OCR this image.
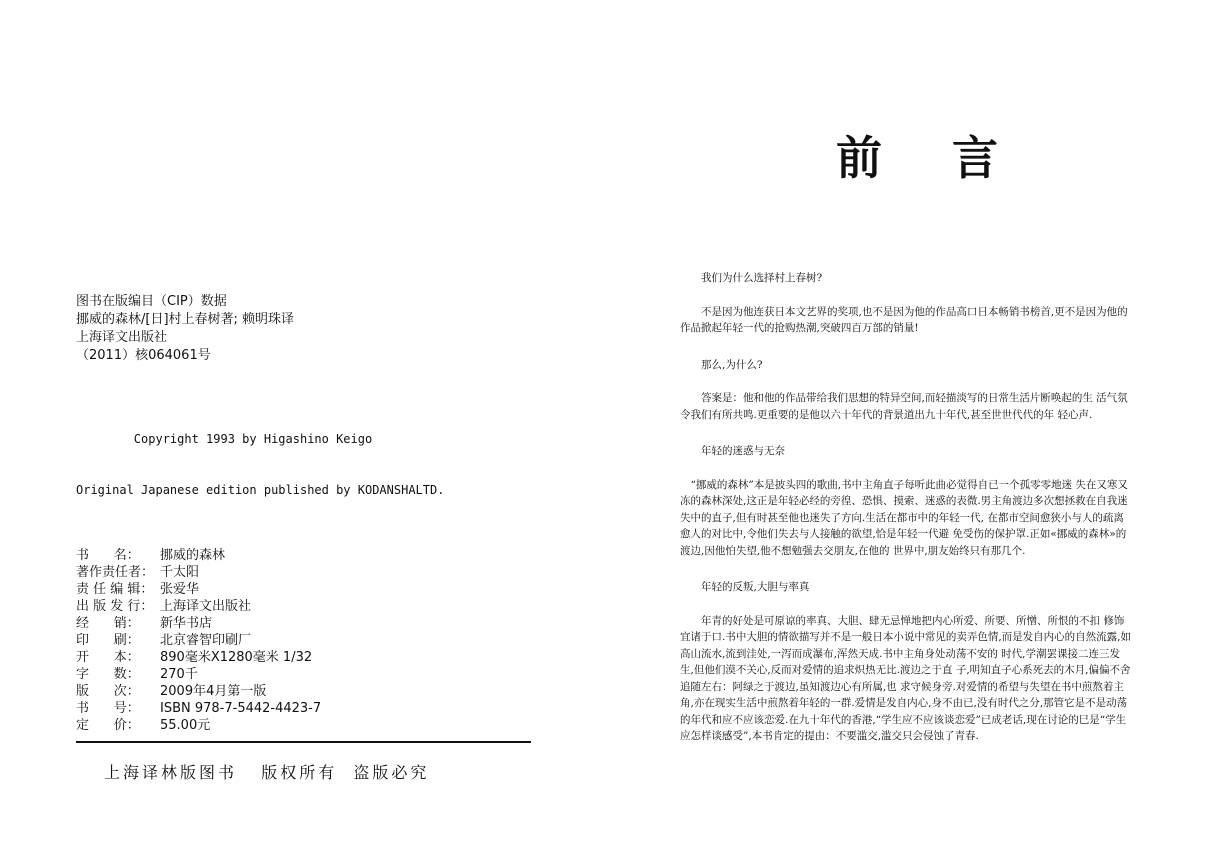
图书在版编目（CIP）数据
挪威的森林/[日]村上春树著; 赖明珠译
上海译文出版社
（2011）核064061号

Copyright 1993 by Higashino Keigo

Original Japanese edition published by KODANSHALTD.

书      名：	挪威的森林
著作责任者： 千太阳
责 任 编 辑： 张爱华
出 版 发 行： 上海译文出版社
经      销：	新华书店
印      刷：	北京睿智印刷厂
开      本：	890毫米X1280毫米 1/32
字      数：	270千
版      次：	2009年4月第一版
书      号：	ISBN 978-7-5442-4423-7
定      价：	55.00元
上海译林版图书   版权所有  盗版必究
前 言

我们为什么选择村上春树?

不是因为他连获日本文艺界的奖项,也不是因为他的作品高口日本畅销书榜首,更不是因为他的作品掀起年轻一代的抢购热潮,突破四百万部的销量!

那么,为什么?

答案是：他和他的作品带给我们思想的特异空间,而轻描淡写的日常生活片断唤起的生 活气氛令我们有所共鸣.更重要的是他以六十年代的背景道出九十年代,甚至世世代代的年 轻心声.

年轻的迷惑与无奈

“挪威的森林”本是披头四的歌曲,书中主角直子每听此曲必觉得自已一个孤零零地迷 失在又寒又冻的森林深处,这正是年轻必经的旁徨、恐惧、摸索、迷惑的表微.男主角渡边多次想拯救在自我迷失中的直子,但有时甚至他也迷失了方向.生活在都市中的年轻一代, 在都市空间愈狭小与人的疏离愈人的对比中,令他们失去与人接触的欲望,恰是年轻一代避 免受伤的保护罩.正如«挪威的森林»的渡边,因他怕失望,他不想勉强去交朋友,在他的 世界中,朋友始终只有那几个.

年轻的反叛,大胆与率真

年青的好处是可原谅的率真、大胆、肆无忌惮地把内心所爱、所要、所憎、所恨的不扣 修饰宜诸于口.书中大胆的情欲描写并不是一般日本小说中常见的卖弄色情,而是发自内心的自然流露,如高山流水,流到洼处,一泻而成瀑布,浑然天成.书中主角身处动荡不安的 时代,学潮罢课接二连三发生,但他们漠不关心,反而对爱情的追求炽热无比.渡边之于直 子,明知直子心系死去的木月,偏偏不舍追随左右：阿绿之于渡边,虽知渡边心有所属,也 求守候身旁.对爱情的希望与失望在书中煎熬着主角,亦在现实生活中煎熬着年轻的一群.爱情是发自内心,身不由已,没有时代之分,那管它是不是动荡的年代和应不应该恋爱.在九十年代的香港,“学生应不应该谈恋爱”已成老话,现在讨论的巳是“学生应怎样谈感受”,本书肯定的提由：不要滥交,滥交只会侵蚀了青春.
